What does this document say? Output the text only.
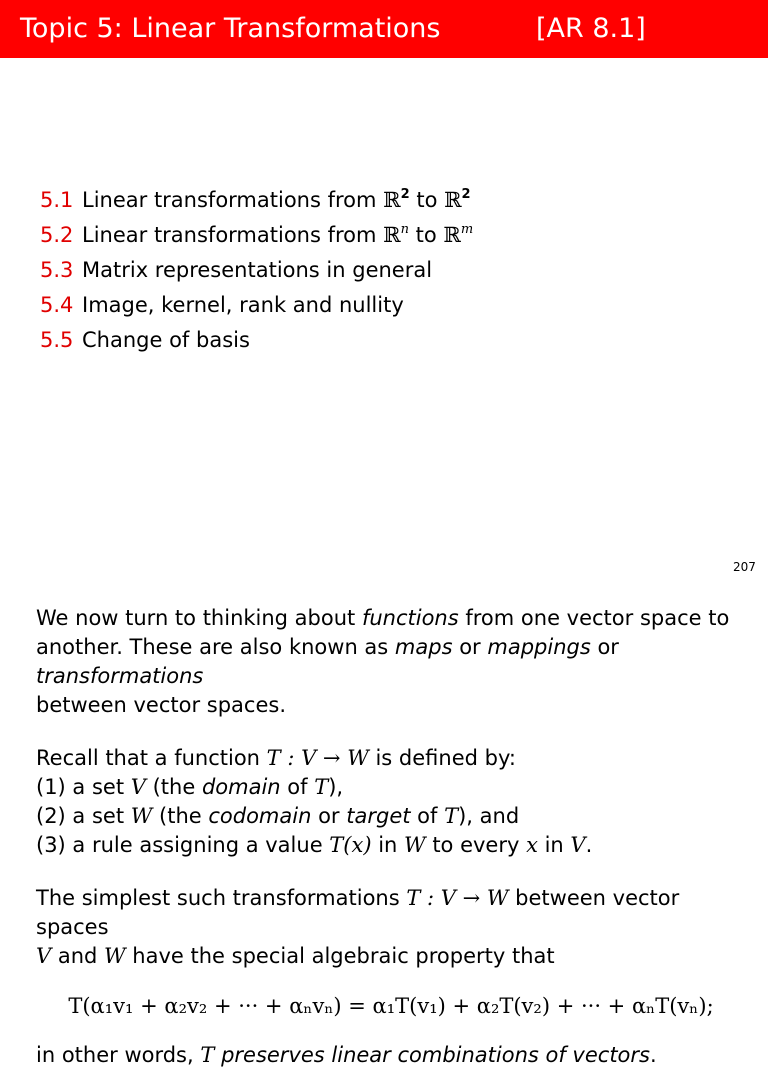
Topic 5: Linear Transformations	[AR 8.1]
5.1 Linear transformations from ℝ$^2$ to ℝ$^2$
5.2 Linear transformations from ℝ$^n$ to ℝ$^m$
5.3 Matrix representations in general
5.4 Image, kernel, rank and nullity
5.5 Change of basis
207

We now turn to thinking about functions from one vector space to
another. These are also known as maps or mappings or transformations
between vector spaces.

Recall that a function T : V → W is defined by:
(1) a set V (the domain of T),
(2) a set W (the codomain or target of T), and
(3) a rule assigning a value T(x) in W to every x in V.

The simplest such transformations T : V → W between vector spaces
V and W have the special algebraic property that

T(α₁v₁ + α₂v₂ + ··· + αₙvₙ) = α₁T(v₁) + α₂T(v₂) + ··· + αₙT(vₙ);

in other words, T preserves linear combinations of vectors.
